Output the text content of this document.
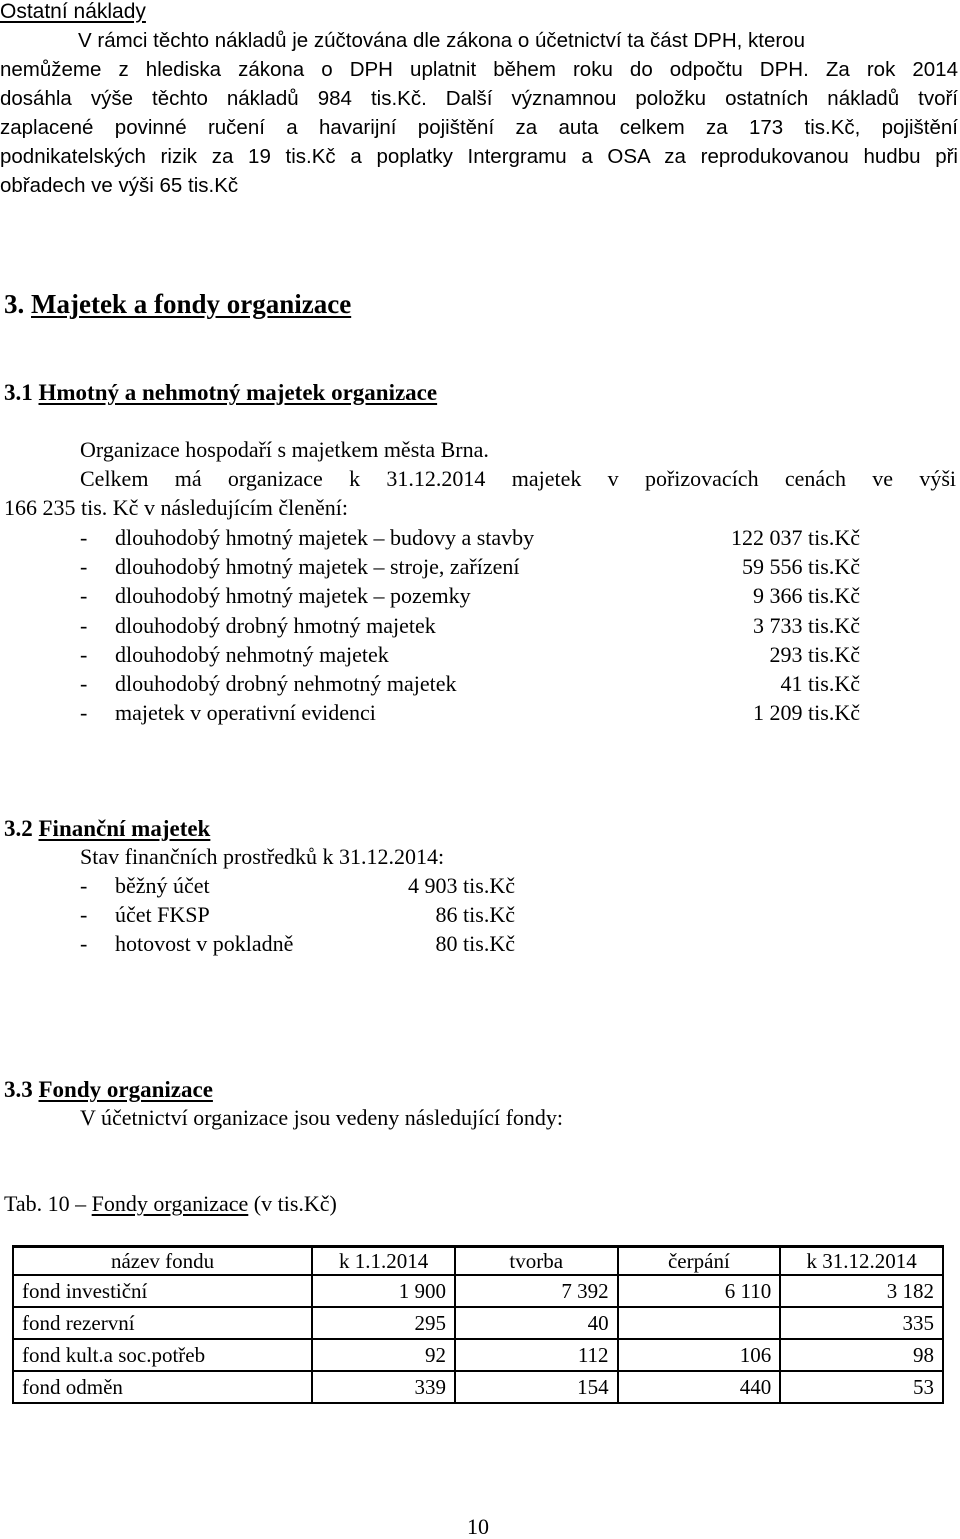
Ostatní náklady
V rámci těchto nákladů je zúčtována dle zákona o účetnictví ta část DPH, kterou
nemůžeme z hlediska zákona o DPH uplatnit během roku do odpočtu DPH. Za rok 2014
dosáhla výše těchto nákladů 984 tis.Kč. Další významnou položku ostatních nákladů tvoří
zaplacené povinné ručení a havarijní pojištění za auta celkem za 173 tis.Kč, pojištění
podnikatelských rizik za 19 tis.Kč a poplatky Intergramu a OSA za reprodukovanou hudbu při
obřadech ve výši 65 tis.Kč
3. Majetek a fondy organizace
3.1 Hmotný a nehmotný majetek organizace
Organizace hospodaří s majetkem města Brna.
Celkem má organizace k 31.12.2014 majetek v pořizovacích cenách ve výši
166 235 tis. Kč v následujícím členění:
- dlouhodobý hmotný majetek – budovy a stavby	122 037 tis.Kč
- dlouhodobý hmotný majetek – stroje, zařízení	59 556 tis.Kč
- dlouhodobý hmotný majetek – pozemky	9 366 tis.Kč
- dlouhodobý drobný hmotný majetek	3 733 tis.Kč
- dlouhodobý nehmotný majetek	293 tis.Kč
- dlouhodobý drobný nehmotný majetek	41 tis.Kč
- majetek v operativní evidenci	1 209 tis.Kč
3.2 Finanční majetek
Stav finančních prostředků k 31.12.2014:
- běžný účet	4 903 tis.Kč
- účet FKSP	86 tis.Kč
- hotovost v pokladně	80 tis.Kč
3.3 Fondy organizace
V účetnictví organizace jsou vedeny následující fondy:
Tab. 10 – Fondy organizace (v tis.Kč)
název fondu	k 1.1.2014	tvorba	čerpání	k 31.12.2014
fond investiční	1 900	7 392	6 110	3 182
fond rezervní	295	40		335
fond kult.a soc.potřeb	92	112	106	98
fond odměn	339	154	440	53
10
